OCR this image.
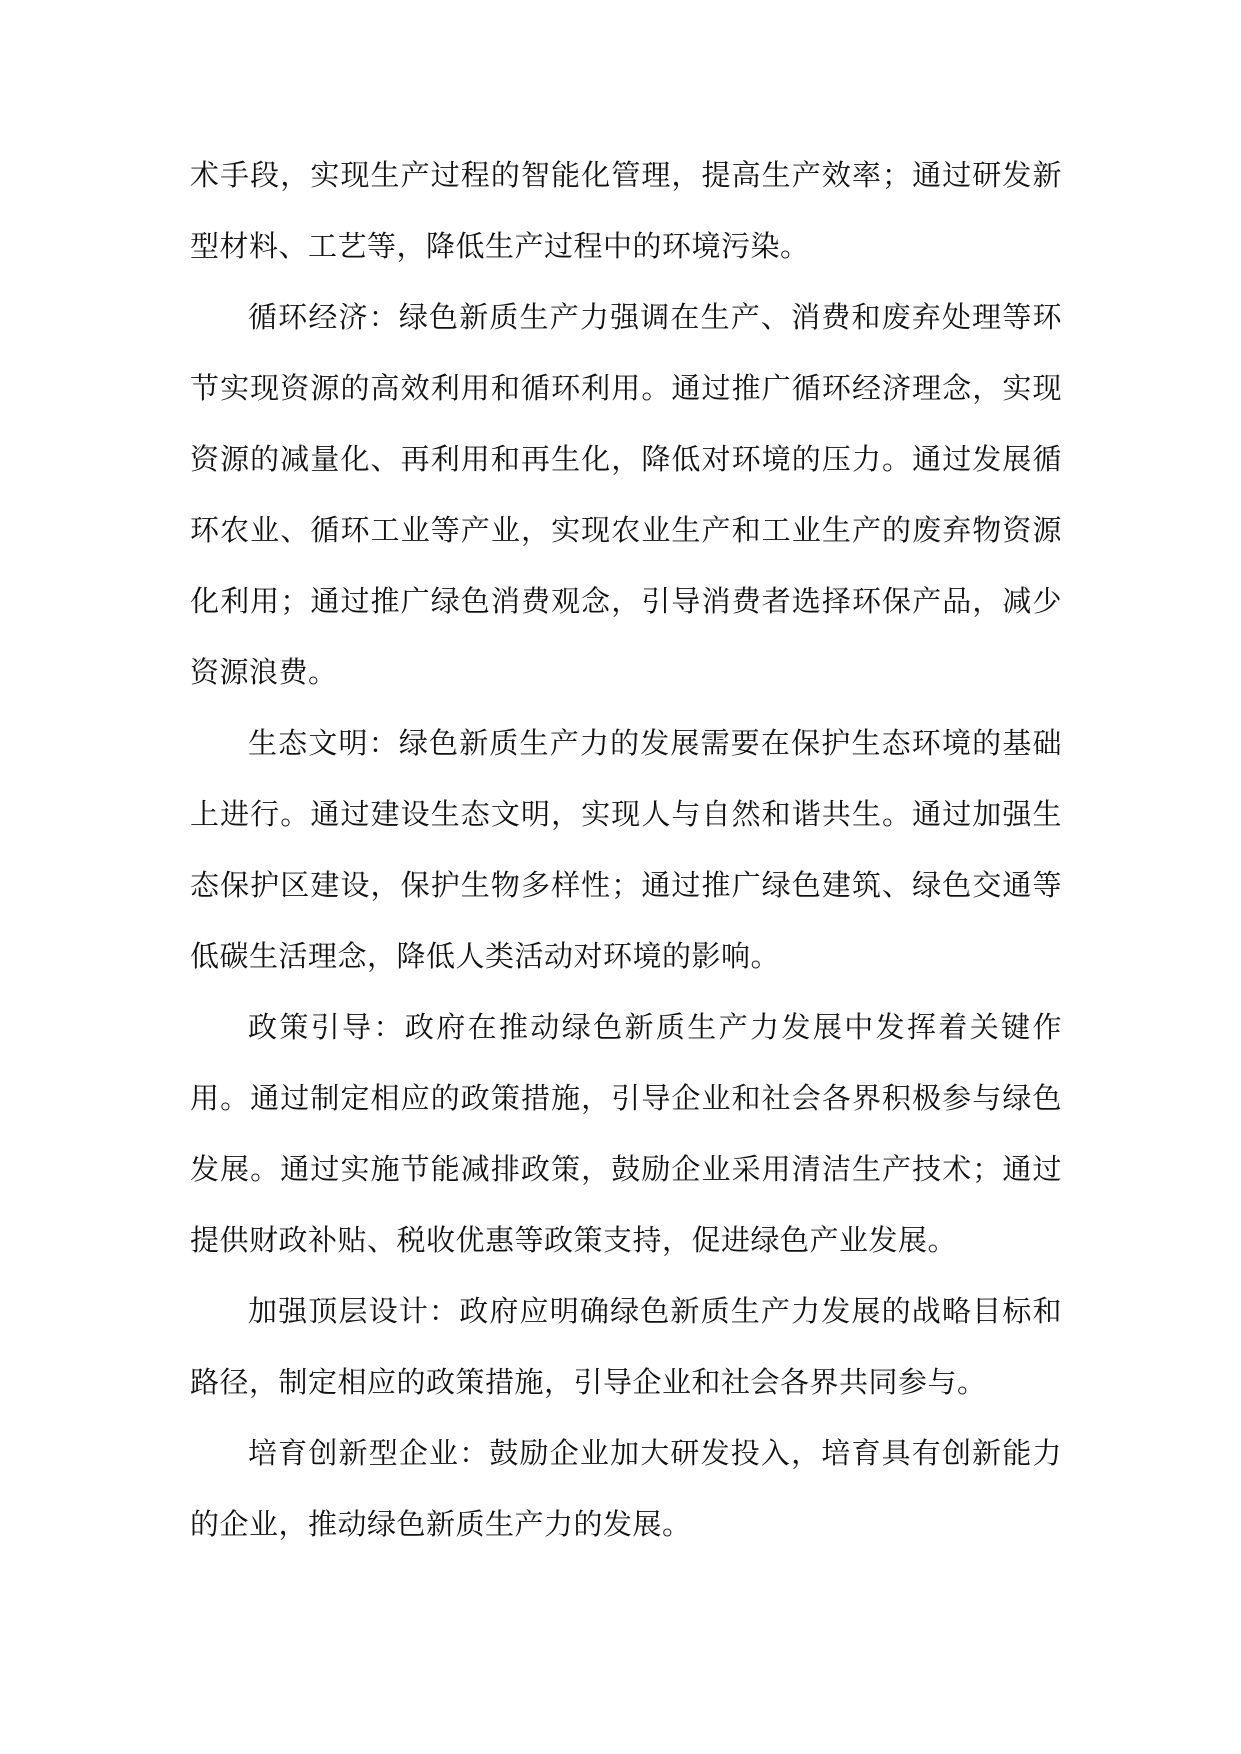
术手段，实现生产过程的智能化管理，提高生产效率；通过研发新型材料、工艺等，降低生产过程中的环境污染。

循环经济：绿色新质生产力强调在生产、消费和废弃处理等环节实现资源的高效利用和循环利用。通过推广循环经济理念，实现资源的减量化、再利用和再生化，降低对环境的压力。通过发展循环农业、循环工业等产业，实现农业生产和工业生产的废弃物资源化利用；通过推广绿色消费观念，引导消费者选择环保产品，减少资源浪费。

生态文明：绿色新质生产力的发展需要在保护生态环境的基础上进行。通过建设生态文明，实现人与自然和谐共生。通过加强生态保护区建设，保护生物多样性；通过推广绿色建筑、绿色交通等低碳生活理念，降低人类活动对环境的影响。

政策引导：政府在推动绿色新质生产力发展中发挥着关键作用。通过制定相应的政策措施，引导企业和社会各界积极参与绿色发展。通过实施节能减排政策，鼓励企业采用清洁生产技术；通过提供财政补贴、税收优惠等政策支持，促进绿色产业发展。

加强顶层设计：政府应明确绿色新质生产力发展的战略目标和路径，制定相应的政策措施，引导企业和社会各界共同参与。

培育创新型企业：鼓励企业加大研发投入，培育具有创新能力的企业，推动绿色新质生产力的发展。
